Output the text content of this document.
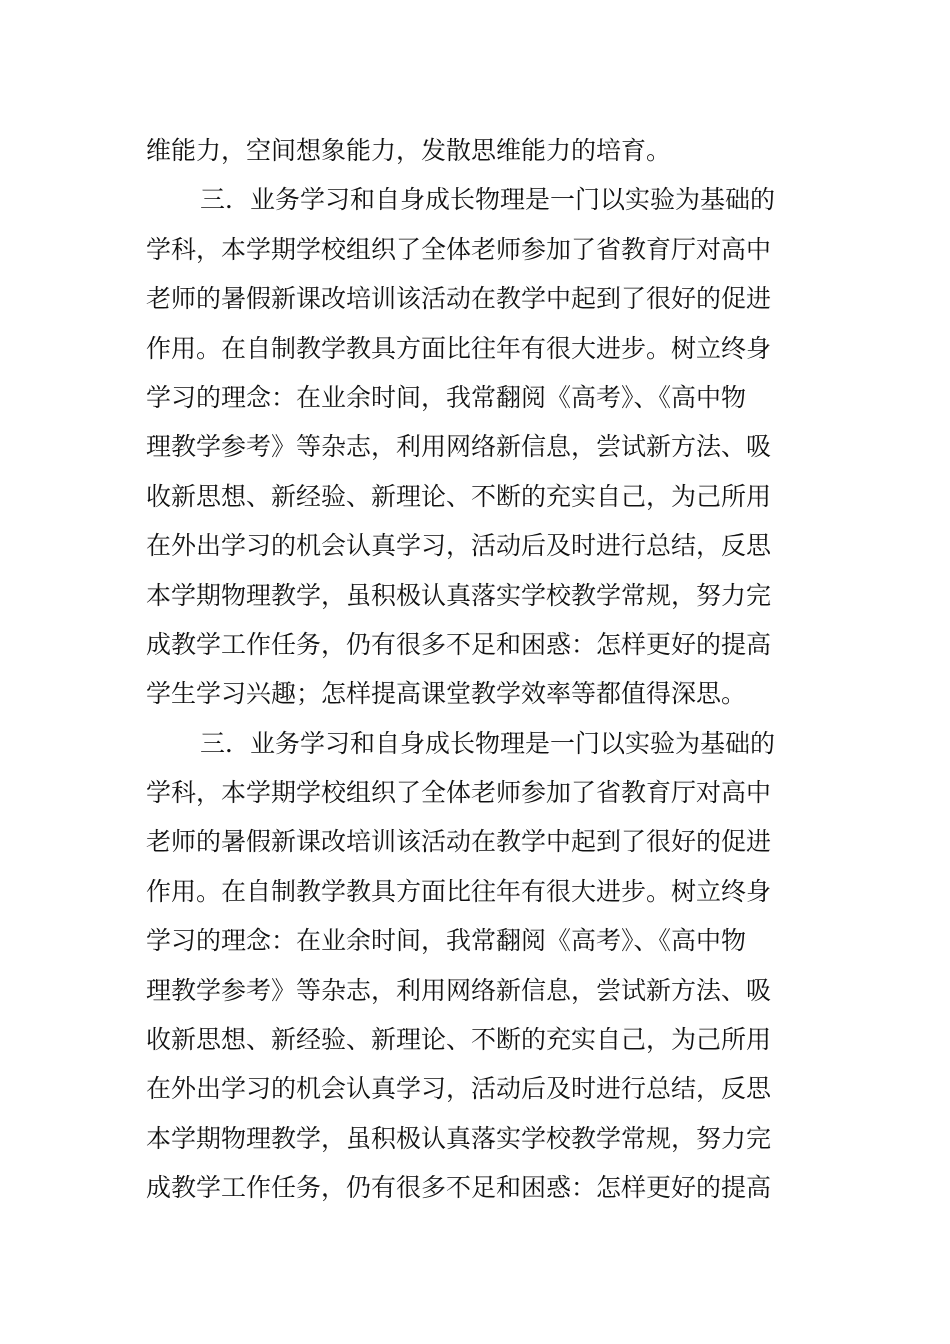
维能力，空间想象能力，发散思维能力的培育。
三．业务学习和自身成长物理是一门以实验为基础的
学科，本学期学校组织了全体老师参加了省教育厅对高中
老师的暑假新课改培训该活动在教学中起到了很好的促进
作用。在自制教学教具方面比往年有很大进步。树立终身
学习的理念：在业余时间，我常翻阅《高考》、《高中物
理教学参考》等杂志，利用网络新信息，尝试新方法、吸
收新思想、新经验、新理论、不断的充实自己，为己所用
在外出学习的机会认真学习，活动后及时进行总结，反思
本学期物理教学，虽积极认真落实学校教学常规，努力完
成教学工作任务，仍有很多不足和困惑：怎样更好的提高
学生学习兴趣；怎样提高课堂教学效率等都值得深思。
三．业务学习和自身成长物理是一门以实验为基础的
学科，本学期学校组织了全体老师参加了省教育厅对高中
老师的暑假新课改培训该活动在教学中起到了很好的促进
作用。在自制教学教具方面比往年有很大进步。树立终身
学习的理念：在业余时间，我常翻阅《高考》、《高中物
理教学参考》等杂志，利用网络新信息，尝试新方法、吸
收新思想、新经验、新理论、不断的充实自己，为己所用
在外出学习的机会认真学习，活动后及时进行总结，反思
本学期物理教学，虽积极认真落实学校教学常规，努力完
成教学工作任务，仍有很多不足和困惑：怎样更好的提高
